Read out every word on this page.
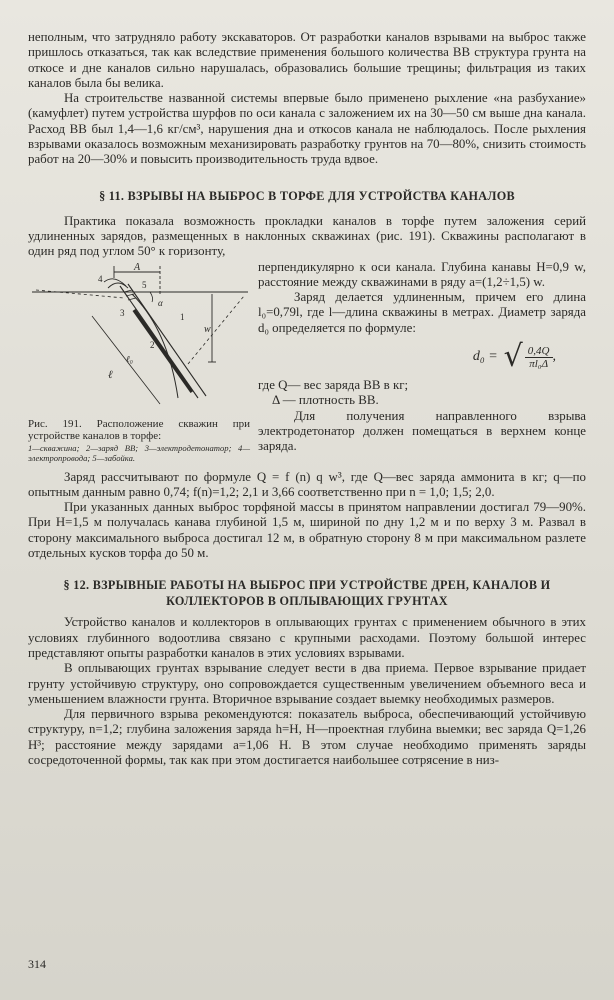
неполным, что затрудняло работу экскаваторов. От разработки каналов взрывами на выброс также пришлось отказаться, так как вследствие применения большого количества ВВ структура грунта на откосе и дне каналов сильно нарушалась, образовались большие трещины; фильтрация из таких каналов была бы велика.

На строительстве названной системы впервые было применено рыхление «на разбухание» (камуфлет) путем устройства шурфов по оси канала с заложением их на 30—50 см выше дна канала. Расход ВВ был 1,4—1,6 кг/см³, нарушения дна и откосов канала не наблюдалось. После рыхления взрывами оказалось возможным механизировать разработку грунтов на 70—80%, снизить стоимость работ на 20—30% и повысить производительность труда вдвое.

§ 11. ВЗРЫВЫ НА ВЫБРОС В ТОРФЕ ДЛЯ УСТРОЙСТВА КАНАЛОВ

Практика показала возможность прокладки каналов в торфе путем заложения серий удлиненных зарядов, размещенных в наклонных скважинах (рис. 191). Скважины располагают в один ряд под углом 50° к горизонту,

A
w
ℓ
ℓ₀
4
5
3
2
1
α
Рис. 191. Расположение скважин при устройстве каналов в торфе:
1—скважина; 2—заряд ВВ; 3—электродетонатор; 4—электропровода; 5—забойка.

перпендикулярно к оси канала. Глубина канавы H=0,9 w, расстояние между скважинами в ряду a=(1,2÷1,5) w.

Заряд делается удлиненным, причем его длина l₀=0,79l, где l—длина скважины в метрах. Диаметр заряда d₀ определяется по формуле:

d₀ = √ $\frac{0,4Q}{\text{πl₀Δ}}$ ,

где Q— вес заряда ВВ в кг;

Δ — плотность ВВ.

Для получения направленного взрыва электродетонатор должен помещаться в верхнем конце заряда.

Заряд рассчитывают по формуле Q = f (n) q w³, где Q—вес заряда аммонита в кг; q—по опытным данным равно 0,74; f(n)=1,2; 2,1 и 3,66 соответственно при n = 1,0; 1,5; 2,0.

При указанных данных выброс торфяной массы в принятом направлении достигал 79—90%. При H=1,5 м получалась канава глубиной 1,5 м, шириной по дну 1,2 м и по верху 3 м. Развал в сторону максимального выброса достигал 12 м, в обратную сторону 8 м при максимальном разлете отдельных кусков торфа до 50 м.

§ 12. ВЗРЫВНЫЕ РАБОТЫ НА ВЫБРОС ПРИ УСТРОЙСТВЕ ДРЕН, КАНАЛОВ И КОЛЛЕКТОРОВ В ОПЛЫВАЮЩИХ ГРУНТАХ

Устройство каналов и коллекторов в оплывающих грунтах с применением обычного в этих условиях глубинного водоотлива связано с крупными расходами. Поэтому большой интерес представляют опыты разработки каналов в этих условиях взрывами.

В оплывающих грунтах взрывание следует вести в два приема. Первое взрывание придает грунту устойчивую структуру, оно сопровождается существенным увеличением объемного веса и уменьшением влажности грунта. Вторичное взрывание создает выемку необходимых размеров.

Для первичного взрыва рекомендуются: показатель выброса, обеспечивающий устойчивую структуру, n=1,2; глубина заложения заряда h=H, H—проектная глубина выемки; вес заряда Q=1,26 H³; расстояние между зарядами a=1,06 H. В этом случае необходимо применять заряды сосредоточенной формы, так как при этом достигается наибольшее сотрясение в низ-

314
